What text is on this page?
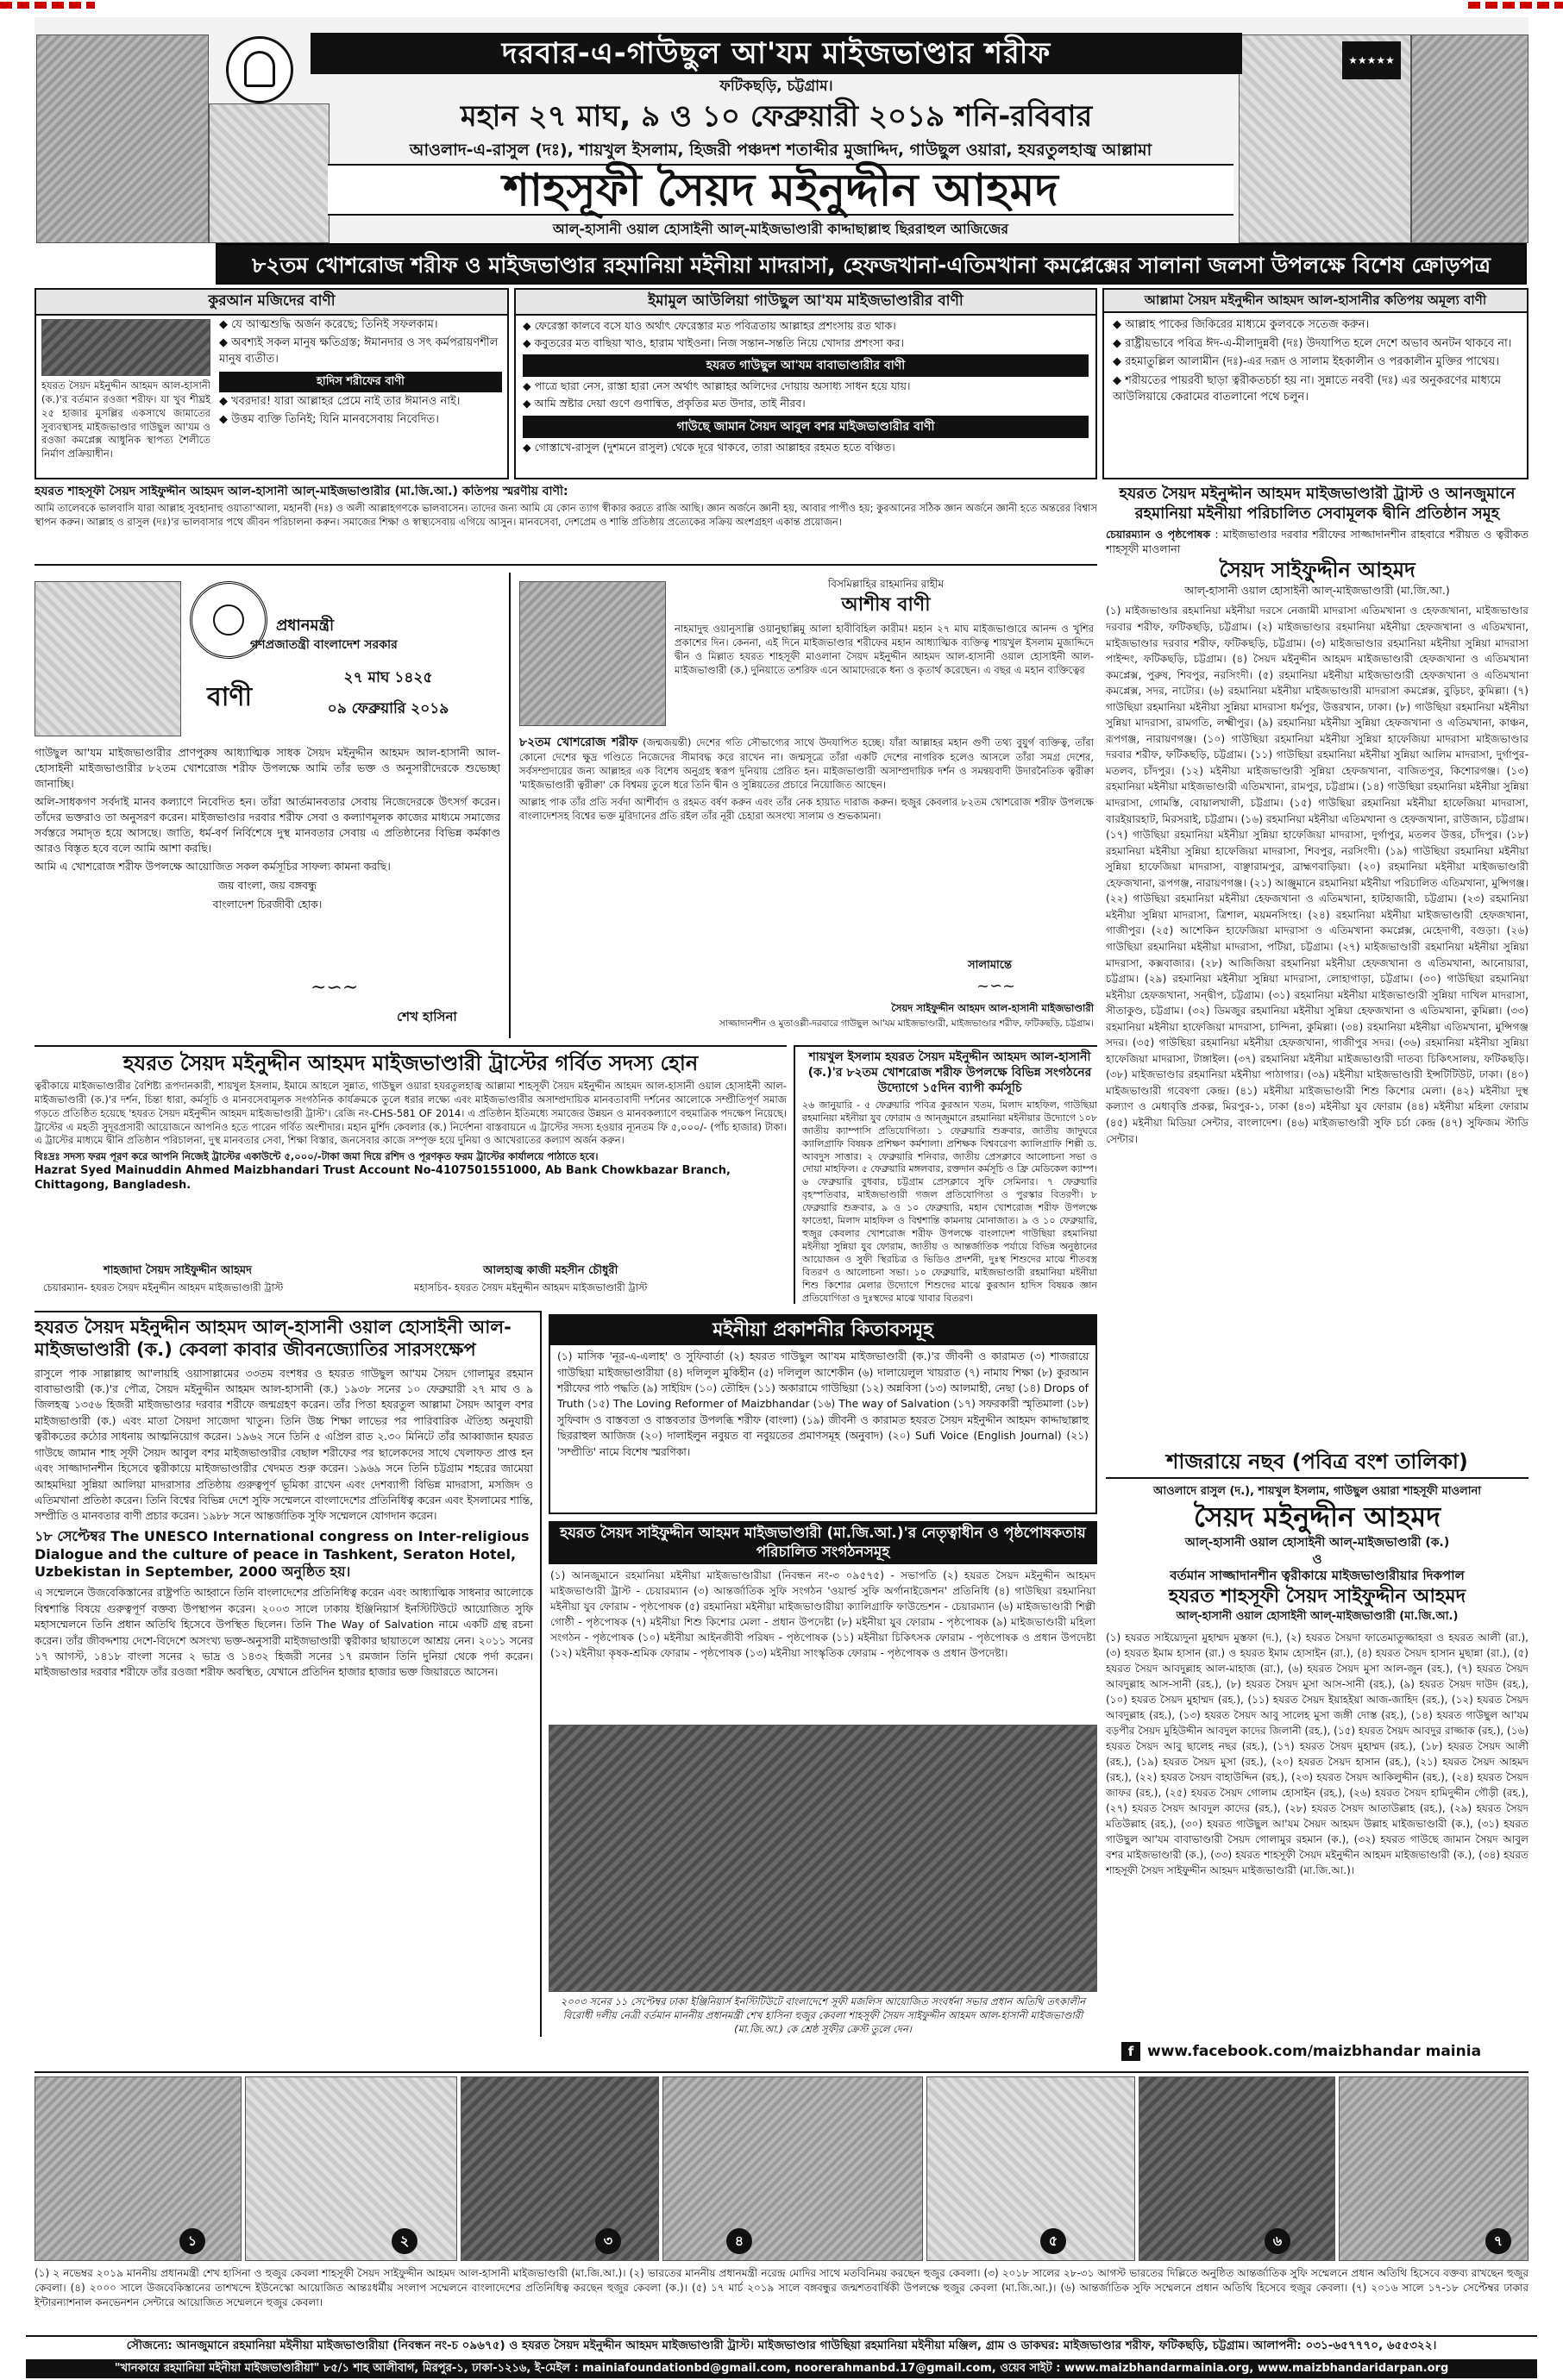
★★★★★
দরবার-এ-গাউছুল আ'যম মাইজভাণ্ডার শরীফ
ফটিকছড়ি, চট্টগ্রাম।
মহান ২৭ মাঘ, ৯ ও ১০ ফেব্রুয়ারী ২০১৯ শনি-রবিবার
আওলাদ-এ-রাসুল (দঃ), শায়খুল ইসলাম, হিজরী পঞ্চদশ শতাব্দীর মুজাদ্দিদ, গাউছুল ওয়ারা, হযরতুলহাজ্ব আল্লামা
শাহসূফী সৈয়দ মইনুদ্দীন আহমদ
আল্-হাসানী ওয়াল হোসাইনী আল্-মাইজভাণ্ডারী কাদ্দাছাল্লাহু ছিররাহুল আজিজের
৮২তম খোশরোজ শরীফ ও মাইজভাণ্ডার রহমানিয়া মইনীয়া মাদরাসা, হেফজখানা-এতিমখানা কমপ্লেক্সের সালানা জলসা উপলক্ষে বিশেষ ক্রোড়পত্র
কুরআন মজিদের বাণী
হযরত সৈয়দ মইনুদ্দীন আহমদ আল-হাসানী (ক.)'র বর্তমান রওজা শরীফ। যা খুব শীঘ্রই ২৫ হাজার মুসল্লির একসাথে জামাতের সুব্যবস্থাসহ মাইজভাণ্ডার গাউছুল আ'যম ও রওজা কমপ্লেক্স আধুনিক স্থাপত্য শৈলীতে নির্মাণ প্রক্রিয়াধীন।
◆ যে আত্মশুদ্ধি অর্জন করেছে; তিনিই সফলকাম।
◆ অবশ্যই সকল মানুষ ক্ষতিগ্রস্ত; ঈমানদার ও সৎ কর্মপরায়ণশীল মানুষ ব্যতীত।
হাদিস শরীফের বাণী
◆ খবরদার! যারা আল্লাহর প্রেমে নাই তার ঈমানও নাই।
◆ উত্তম ব্যক্তি তিনিই; যিনি মানবসেবায় নিবেদিত।
ইমামুল আউলিয়া গাউছুল আ'যম মাইজভাণ্ডারীর বাণী
◆ ফেরেস্তা কালবে বসে যাও অর্থাৎ ফেরেস্তার মত পবিত্রতায় আল্লাহর প্রশংসায় রত থাক।
◆ কবুতরের মত বাছিয়া খাও, হারাম খাইওনা। নিজ সন্তান-সন্ততি নিয়ে খোদার প্রশংসা কর।
হযরত গাউছুল আ'যম বাবাভাণ্ডারীর বাণী
◆ পাত্রে ছারা নেস, রাস্তা হারা নেস অর্থাৎ আল্লাহর অলিদের দোয়ায় অসাধ্য সাধন হয়ে যায়।
◆ আমি স্রষ্টার দেয়া গুণে গুণান্বিত, প্রকৃতির মত উদার, তাই নীরব।
গাউছে জামান সৈয়দ আবুল বশর মাইজভাণ্ডারীর বাণী
◆ গোস্তাখে-রাসুল (দুশমনে রাসুল) থেকে দূরে থাকবে, তারা আল্লাহর রহমত হতে বঞ্চিত।
আল্লামা সৈয়দ মইনুদ্দীন আহমদ আল-হাসানীর কতিপয় অমূল্য বাণী
◆ আল্লাহ পাকের জিকিরের মাধ্যমে কুলবকে সতেজ করুন।
◆ রাষ্ট্রীয়ভাবে পবিত্র ঈদ-এ-মীলাদুন্নবী (দঃ) উদযাপিত হলে দেশে অভাব অনটন থাকবে না।
◆ রহমাতুল্লিল আলামীন (দঃ)-এর দরূদ ও সালাম ইহকালীন ও পরকালীন মুক্তির পাথেয়।
◆ শরীয়তের পায়রবী ছাড়া ত্বরীকতচর্চা হয় না। সুন্নাতে নববী (দঃ) এর অনুকরণের মাধ্যমে আউলিয়ায়ে কেরামের বাতলানো পথে চলুন।
হযরত শাহসূফী সৈয়দ সাইফুদ্দীন আহমদ আল-হাসানী আল্-মাইজভাণ্ডারীর (মা.জি.আ.) কতিপয় স্মরণীয় বাণী:
আমি তালেবকে ভালবাসি যারা আল্লাহ সুবহানাহু ওয়াতা'আলা, মহানবী (দঃ) ও অলী আল্লাহগণকে ভালবাসেন। তাদের জন্য আমি যে কোন ত্যাগ স্বীকার করতে রাজি আছি। জ্ঞান অর্জনে জ্ঞানী হয়, আবার পাপীও হয়; কুরআনের সঠিক জ্ঞান অর্জনে জ্ঞানী হতে অন্তরের বিশ্বাস স্থাপন করুন। আল্লাহ ও রাসুল (দঃ)'র ভালবাসার পথে জীবন পরিচালনা করুন। সমাজের শিক্ষা ও স্বাস্থ্যসেবায় এগিয়ে আসুন। মানবসেবা, দেশপ্রেম ও শান্তি প্রতিষ্ঠায় প্রত্যেকের সক্রিয় অংশগ্রহণ একান্ত প্রয়োজন।
প্রধানমন্ত্রী
গণপ্রজাতন্ত্রী বাংলাদেশ সরকার
২৭ মাঘ ১৪২৫
০৯ ফেব্রুয়ারি ২০১৯
বাণী

গাউছুল আ'যম মাইজভাণ্ডারীর প্রাণপুরুষ আধ্যাত্মিক সাধক সৈয়দ মইনুদ্দীন আহমদ আল-হাসানী আল-হোসাইনী মাইজভাণ্ডারীর ৮২তম খোশরোজ শরীফ উপলক্ষে আমি তাঁর ভক্ত ও অনুসারীদেরকে শুভেচ্ছা জানাচ্ছি।

অলি-সাধকগণ সর্বদাই মানব কল্যাণে নিবেদিত হন। তাঁরা আর্তমানবতার সেবায় নিজেদেরকে উৎসর্গ করেন। তাঁদের ভক্তরাও তা অনুসরণ করেন। মাইজভাণ্ডার দরবার শরীফ সেবা ও কল্যাণমূলক কাজের মাধ্যমে সমাজের সর্বস্তরে সমাদৃত হয়ে আসছে। জাতি, ধর্ম-বর্ণ নির্বিশেষে দুস্থ মানবতার সেবায় এ প্রতিষ্ঠানের বিভিন্ন কর্মকাণ্ড আরও বিস্তৃত হবে বলে আমি আশা করছি।

আমি এ খোশরোজ শরীফ উপলক্ষে আয়োজিত সকল কর্মসূচির সাফল্য কামনা করছি।

জয় বাংলা, জয় বঙ্গবন্ধু

বাংলাদেশ চিরজীবী হোক।

~∽~
শেখ হাসিনা
বিসমিল্লাহির রাহমানির রাহীম
আশীষ বাণী
নাহমাদুহু ওয়ানুসাল্লি ওয়ানুছাল্লিমু আলা হাবীবিহিল কারীম! মহান ২৭ মাঘ মাইজভাণ্ডারে আনন্দ ও খুশির প্রকাশের দিন। কেননা, এই দিনে মাইজভাণ্ডার শরীফের মহান আধ্যাত্মিক ব্যক্তিত্ব শায়খুল ইসলাম মুজাদ্দিদে দ্বীন ও মিল্লাত হযরত শাহসূফী মাওলানা সৈয়দ মইনুদ্দীন আহমদ আল-হাসানী ওয়াল হোসাইনী আল-মাইজভাণ্ডারী (ক.) দুনিয়াতে তশরিফ এনে আমাদেরকে ধন্য ও কৃতার্থ করেছেন। এ বছর এ মহান ব্যক্তিত্বের
৮২তম খোশরোজ শরীফ (জন্মজয়ন্তী) দেশের গতি সৌভাগ্যের সাথে উদযাপিত হচ্ছে। যাঁরা আল্লাহর মহান গুণী তথ্য বুযুর্গ ব্যক্তিত্ব, তাঁরা কোনো দেশের ক্ষুদ্র গণ্ডিতে নিজেদের সীমাবদ্ধ করে রাখেন না। জন্মসূত্রে তাঁরা একটি দেশের নাগরিক হলেও আসলে তাঁরা সমগ্র দেশের, সর্বসম্প্রদায়ের জন্য আল্লাহর এক বিশেষ অনুগ্রহ স্বরূপ দুনিয়ায় প্রেরিত হন। মাইজভাণ্ডারী অসাম্প্রদায়িক দর্শন ও সমন্বয়বাদী উদারনৈতিক ত্বরীক্বা 'মাইজভাণ্ডারী ত্বরীক্বা' কে বিশ্বময় তুলে ধরে তিনি দ্বীন ও সুন্নিয়তের প্রচারে নিয়োজিত আছেন।

আল্লাহ পাক তাঁর প্রতি সর্বদা আশীর্বাদ ও রহমত বর্ষণ করুন এবং তাঁর নেক হায়াত দারাজ করুন। হুজুর কেবলার ৮২তম খোশরোজ শরীফ উপলক্ষে বাংলাদেশসহ বিশ্বের ভক্ত মুরিদানের প্রতি রইল তাঁর নূরী চেহারা অসংখ্য সালাম ও শুভকামনা।

সালামান্তে
~∽~
সৈয়দ সাইফুদ্দীন আহমদ আল-হাসানী মাইজভাণ্ডারী
সাজ্জাদানশীন ও মুতাওল্লী-দরবারে গাউছুল আ'যম মাইজভাণ্ডারী, মাইজভাণ্ডার শরীফ, ফটিকছড়ি, চট্টগ্রাম।
হযরত সৈয়দ মইনুদ্দীন আহমদ মাইজভাণ্ডারী ট্রাস্ট ও আনজুমানে রহমানিয়া মইনীয়া পরিচালিত সেবামূলক দ্বীনি প্রতিষ্ঠান সমূহ
চেয়ারম্যান ও পৃষ্ঠপোষক : মাইজভাণ্ডার দরবার শরীফের সাজ্জাদানশীন রাহবারে শরীয়ত ও ত্বরীকত শাহসূফী মাওলানা
সৈয়দ সাইফুদ্দীন আহমদ
আল্-হাসানী ওয়াল হোসাইনী আল্-মাইজভাণ্ডারী (মা.জি.আ.)
(১) মাইজভাণ্ডার রহমানিয়া মইনীয়া দরসে নেজামী মাদরাসা এতিমখানা ও হেফজখানা, মাইজভাণ্ডার দরবার শরীফ, ফটিকছড়ি, চট্টগ্রাম। (২) মাইজভাণ্ডার রহমানিয়া মইনীয়া হেফজখানা ও এতিমখানা, মাইজভাণ্ডার দরবার শরীফ, ফটিকছড়ি, চট্টগ্রাম। (৩) মাইজভাণ্ডার রহমানিয়া মইনীয়া সুন্নিয়া মাদরাসা পাইন্দং, ফটিকছড়ি, চট্টগ্রাম। (৪) সৈয়দ মইনুদ্দীন আহমদ মাইজভাণ্ডারী হেফজখানা ও এতিমখানা কমপ্লেক্স, পুরুষ, শিবপুর, নরসিংদী। (৫) রহমানিয়া মইনীয়া মাইজভাণ্ডারী হেফজখানা ও এতিমখানা কমপ্লেক্স, সদর, নাটোর। (৬) রহমানিয়া মইনীয়া মাইজভাণ্ডারী মাদরাসা কমপ্লেক্স, বুড়িচং, কুমিল্লা। (৭) গাউছিয়া রহমানিয়া মইনীয়া সুন্নিয়া মাদরাসা ধর্মপুর, উত্তরখান, ঢাকা। (৮) গাউছিয়া রহমানিয়া মইনীয়া সুন্নিয়া মাদরাসা, রামগতি, লক্ষ্মীপুর। (৯) রহমানিয়া মইনীয়া সুন্নিয়া হেফজখানা ও এতিমখানা, কাঞ্চন, রূপগঞ্জ, নারায়ণগঞ্জ। (১০) গাউছিয়া রহমানিয়া মইনীয়া সুন্নিয়া হাফেজিয়া মাদরাসা মাইজভাণ্ডার দরবার শরীফ, ফটিকছড়ি, চট্টগ্রাম। (১১) গাউছিয়া রহমানিয়া মইনীয়া সুন্নিয়া আলিম মাদরাসা, দুর্গাপুর-মতলব, চাঁদপুর। (১২) মইনীয়া মাইজভাণ্ডারী সুন্নিয়া হেফজখানা, বাজিতপুর, কিশোরগঞ্জ। (১৩) রহমানিয়া মইনীয়া মাইজভাণ্ডারী এতিমখানা, রামপুর, চট্টগ্রাম। (১৪) গাউছিয়া রহমানিয়া মইনীয়া সুন্নিয়া মাদরাসা, গোমস্তি, বোয়ালখালী, চট্টগ্রাম। (১৫) গাউছিয়া রহমানিয়া মইনীয়া হাফেজিয়া মাদরাসা, বারইয়ারহাট, মিরসরাই, চট্টগ্রাম। (১৬) রহমানিয়া মইনীয়া এতিমখানা ও হেফজখানা, রাউজান, চট্টগ্রাম। (১৭) গাউছিয়া রহমানিয়া মইনীয়া সুন্নিয়া হাফেজিয়া মাদরাসা, দুর্গাপুর, মতলব উত্তর, চাঁদপুর। (১৮) রহমানিয়া মইনীয়া সুন্নিয়া হাফেজিয়া মাদরাসা, শিবপুর, নরসিংদী। (১৯) গাউছিয়া রহমানিয়া মইনীয়া সুন্নিয়া হাফেজিয়া মাদরাসা, বাঞ্ছারামপুর, ব্রাহ্মণবাড়িয়া। (২০) রহমানিয়া মইনীয়া মাইজভাণ্ডারী হেফজখানা, রূপগঞ্জ, নারায়ণগঞ্জ। (২১) আঞ্জুমানে রহমানিয়া মইনীয়া পরিচালিত এতিমখানা, মুন্সিগঞ্জ। (২২) গাউছিয়া রহমানিয়া মইনীয়া হেফজখানা ও এতিমখানা, হাটহাজারী, চট্টগ্রাম। (২৩) রহমানিয়া মইনীয়া সুন্নিয়া মাদরাসা, ত্রিশাল, ময়মনসিংহ। (২৪) রহমানিয়া মইনীয়া মাইজভাণ্ডারী হেফজখানা, গাজীপুর। (২৫) আশেকিন হাফেজিয়া মাদরাসা ও এতিমখানা কমপ্লেক্স, মেহেদাগী, বগুড়া। (২৬) গাউছিয়া রহমানিয়া মইনীয়া মাদরাসা, পটিয়া, চট্টগ্রাম। (২৭) মাইজভাণ্ডারী রহমানিয়া মইনীয়া সুন্নিয়া মাদরাসা, কক্সবাজার। (২৮) আজিজিয়া রহমানিয়া মইনীয়া হেফজখানা ও এতিমখানা, আনোয়ারা, চট্টগ্রাম। (২৯) রহমানিয়া মইনীয়া সুন্নিয়া মাদরাসা, লোহাগাড়া, চট্টগ্রাম। (৩০) গাউছিয়া রহমানিয়া মইনীয়া হেফজখানা, সন্দ্বীপ, চট্টগ্রাম। (৩১) রহমানিয়া মইনীয়া মাইজভাণ্ডারী সুন্নিয়া দাখিল মাদরাসা, সীতাকুণ্ড, চট্টগ্রাম। (৩২) ডিমজুর রহমানিয়া মইনীয়া সুন্নিয়া হেফজখানা ও এতিমখানা, কুমিল্লা। (৩৩) রহমানিয়া মইনীয়া হাফেজিয়া মাদরাসা, চান্দিনা, কুমিল্লা। (৩৪) রহমানিয়া মইনীয়া এতিমখানা, মুন্সিগঞ্জ সদর। (৩৫) গাউছিয়া রহমানিয়া মইনীয়া হেফজখানা, গাজীপুর সদর। (৩৬) রহমানিয়া মইনীয়া সুন্নিয়া হাফেজিয়া মাদরাসা, টাঙ্গাইল। (৩৭) রহমানিয়া মইনীয়া মাইজভাণ্ডারী দাতব্য চিকিৎসালয়, ফটিকছড়ি। (৩৮) মাইজভাণ্ডার রহমানিয়া মইনীয়া পাঠাগার। (৩৯) মইনীয়া মাইজভাণ্ডারী ইন্সটিটিউট, ঢাকা। (৪০) মাইজভাণ্ডারী গবেষণা কেন্দ্র। (৪১) মইনীয়া মাইজভাণ্ডারী শিশু কিশোর মেলা। (৪২) মইনীয়া দুস্থ কল্যাণ ও মেধাবৃত্তি প্রকল্প, মিরপুর-১, ঢাকা (৪৩) মইনীয়া যুব ফোরাম (৪৪) মইনীয়া মহিলা ফোরাম (৪৫) মইনীয়া মিডিয়া সেন্টার, বাংলাদেশ। (৪৬) মাইজভাণ্ডারী সুফি চর্চা কেন্দ্র (৪৭) সুফিজম স্টাডি সেন্টার।
হযরত সৈয়দ মইনুদ্দীন আহমদ মাইজভাণ্ডারী ট্রাস্টের গর্বিত সদস্য হোন
ত্বরীকায়ে মাইজভাণ্ডারীর বৈশিষ্ট্য রূপদানকারী, শায়খুল ইসলাম, ইমামে আহলে সুন্নাত, গাউছুল ওয়ারা হযরতুলহাজ্ব আল্লামা শাহসূফী সৈয়দ মইনুদ্দীন আহমদ আল-হাসানী ওয়াল হোসাইনী আল-মাইজভাণ্ডারী (ক.)'র দর্শন, চিন্তা ধারা, কর্মসূচি ও মানবসেবামূলক সংগঠনিক কার্যক্রমকে তুলে ধরার লক্ষ্যে এবং মাইজভাণ্ডারীর অসাম্প্রদায়িক মানবতাবাদী দর্শনের আলোকে সম্প্রীতিপূর্ণ সমাজ গড়তে প্রতিষ্ঠিত হয়েছে 'হযরত সৈয়দ মইনুদ্দীন আহমদ মাইজভাণ্ডারী ট্রাস্ট'। রেজি নং-CHS-581 OF 2014। এ প্রতিষ্ঠান ইতিমধ্যে সমাজের উন্নয়ন ও মানবকল্যাণে বহুমাত্রিক পদক্ষেপ নিয়েছে। ট্রাস্টের এ মহতী সুদূরপ্রসারী আয়োজনে আপনিও হতে পারেন গর্বিত অংশীদার। মহান মুর্শিদ কেবলার (ক.) নির্দেশনা বাস্তবায়নে এ ট্রাস্টের সদস্য হওয়ার ন্যূনতম ফি ৫,০০০/- (পাঁচ হাজার) টাকা। এ ট্রাস্টের মাধ্যমে দ্বীনি প্রতিষ্ঠান পরিচালনা, দুস্থ মানবতার সেবা, শিক্ষা বিস্তার, জনসেবার কাজে সম্পৃক্ত হয়ে দুনিয়া ও আখেরাতের কল্যাণ অর্জন করুন।
বিঃদ্রঃ সদস্য ফরম পূরণ করে আপনি নিজেই ট্রাস্টের একাউন্টে ৫,০০০/-টাকা জমা দিয়ে রশিদ ও পূরণকৃত ফরম ট্রাস্টের কার্যালয়ে পাঠাতে হবে।
Hazrat Syed Mainuddin Ahmed Maizbhandari Trust Account No-4107501551000, Ab Bank Chowkbazar Branch, Chittagong, Bangladesh.
শাহজাদা সৈয়দ সাইফুদ্দীন আহমদ
চেয়ারম্যান- হযরত সৈয়দ মইনুদ্দীন আহমদ মাইজভাণ্ডারী ট্রাস্ট
আলহাজ্ব কাজী মহসীন চৌধুরী
মহাসচিব- হযরত সৈয়দ মইনুদ্দীন আহমদ মাইজভাণ্ডারী ট্রাস্ট
শায়খুল ইসলাম হযরত সৈয়দ মইনুদ্দীন আহমদ আল-হাসানী (ক.)'র ৮২তম খোশরোজ শরীফ উপলক্ষে বিভিন্ন সংগঠনের উদ্যোগে ১৫দিন ব্যাপী কর্মসূচি
২৬ জানুয়ারি - ৫ ফেব্রুয়ারি পবিত্র কুরআন খতম, মিলাদ মাহফিল, গাউছিয়া রহমানিয়া মইনীয়া যুব ফোরাম ও আন্জুমানে রহমানিয়া মইনীয়ার উদ্যোগে ১০৮ জাতীয় ক্যাম্পাসি প্রতিযোগিতা। ১ ফেব্রুয়ারি শুক্রবার, জাতীয় জাদুঘরে ক্যালিগ্রাফি বিষয়ক প্রশিক্ষণ কর্মশালা। প্রশিক্ষক বিশ্ববরেণ্য ক্যালিগ্রাফি শিল্পী ড. আবদুস সাত্তার। ২ ফেব্রুয়ারি শনিবার, জাতীয় প্রেসক্লাবে আলোচনা সভা ও দোয়া মাহফিল। ৫ ফেব্রুয়ারি মঙ্গলবার, রক্তদান কর্মসূচি ও ফ্রি মেডিকেল ক্যাম্প। ৬ ফেব্রুয়ারি বুধবার, চট্টগ্রাম প্রেসক্লাবে সুফি সেমিনার। ৭ ফেব্রুয়ারি বৃহস্পতিবার, মাইজভাণ্ডারী গজল প্রতিযোগিতা ও পুরস্কার বিতরণী। ৮ ফেব্রুয়ারি শুক্রবার, ৯ ও ১০ ফেব্রুয়ারি, মহান খোশরোজ শরীফ উপলক্ষে ফাতেহা, মিলাদ মাহফিল ও বিশ্বশান্তি কামনায় মোনাজাত। ৯ ও ১০ ফেব্রুয়ারি, হুজুর কেবলার খোশরোজ শরীফ উপলক্ষে বাংলাদেশ গাউছিয়া রহমানিয়া মইনীয়া সুন্নিয়া যুব ফোরাম, জাতীয় ও আন্তর্জাতিক পর্যায়ে বিভিন্ন অনুষ্ঠানের আয়োজন ও সুফী স্থিরচিত্র ও ভিডিও প্রদর্শনী, দুঃস্থ শিশুদের মাঝে শীতবস্ত্র বিতরণ ও আলোচনা সভা। ১০ ফেব্রুয়ারি, মাইজভাণ্ডারী রহমানিয়া মইনীয়া শিশু কিশোর মেলার উদ্যোগে শিশুদের মাঝে কুরআন হাদিস বিষয়ক জ্ঞান প্রতিযোগিতা ও দুঃস্থদের মাঝে খাবার বিতরণ।
হযরত সৈয়দ মইনুদ্দীন আহমদ আল্-হাসানী ওয়াল হোসাইনী আল-মাইজভাণ্ডারী (ক.) কেবলা কাবার জীবনজ্যোতির সারসংক্ষেপ
রাসুলে পাক সাল্লাল্লাহু আ'লায়হি ওয়াসাল্লামের ৩৩তম বংশধর ও হযরত গাউছুল আ'যম সৈয়দ গোলামুর রহমান বাবাভাণ্ডারী (ক.)'র পৌত্র, সৈয়দ মইনুদ্দীন আহমদ আল-হাসানী (ক.) ১৯৩৮ সনের ১০ ফেব্রুয়ারী ২৭ মাঘ ও ৯ জিলহজ্ব ১৩৫৬ হিজরী মাইজভাণ্ডার দরবার শরীফে জন্মগ্রহণ করেন। তাঁর পিতা হযরতুল আল্লামা সৈয়দ আবুল বশর মাইজভাণ্ডারী (ক.) এবং মাতা সৈয়দা সাজেদা খাতুন। তিনি উচ্চ শিক্ষা লাভের পর পারিবারিক ঐতিহ্য অনুযায়ী ত্বরীকতের কঠোর সাধনায় আত্মনিয়োগ করেন। ১৯৬২ সনে তিনি ৫ এপ্রিল রাত ২.৩০ মিনিটে তাঁর আব্বাজান হযরত গাউছে জামান শাহ সূফী সৈয়দ আবুল বশর মাইজভাণ্ডারীর বেছাল শরীফের পর ছালেকদের সাথে খেলাফত প্রাপ্ত হন এবং সাজ্জাদানশীন হিসেবে ত্বরীকায়ে মাইজভাণ্ডারীর খেদমত শুরু করেন। ১৯৬৯ সনে তিনি চট্টগ্রাম শহরের জামেয়া আহমদিয়া সুন্নিয়া আলিয়া মাদরাসার প্রতিষ্ঠায় গুরুত্বপূর্ণ ভূমিকা রাখেন এবং দেশব্যাপী বিভিন্ন মাদরাসা, মসজিদ ও এতিমখানা প্রতিষ্ঠা করেন। তিনি বিশ্বের বিভিন্ন দেশে সুফি সম্মেলনে বাংলাদেশের প্রতিনিধিত্ব করেন এবং ইসলামের শান্তি, সম্প্রীতি ও মানবতার বাণী প্রচার করেন। ১৯৮৮ সনে আন্তর্জাতিক সুফি সম্মেলনে যোগদান করেন।
১৮ সেপ্টেম্বর The UNESCO International congress on Inter-religious Dialogue and the culture of peace in Tashkent, Seraton Hotel, Uzbekistan in September, 2000 অনুষ্ঠিত হয়।
এ সম্মেলনে উজবেকিস্তানের রাষ্ট্রপতি আহ্বানে তিনি বাংলাদেশের প্রতিনিধিত্ব করেন এবং আধ্যাত্মিক সাধনার আলোকে বিশ্বশান্তি বিষয়ে গুরুত্বপূর্ণ বক্তব্য উপস্থাপন করেন। ২০০৩ সালে ঢাকায় ইঞ্জিনিয়ার্স ইনস্টিটিউটে আয়োজিত সুফি মহাসম্মেলনে তিনি প্রধান অতিথি হিসেবে উপস্থিত ছিলেন। তিনি The Way of Salvation নামে একটি গ্রন্থ রচনা করেন। তাঁর জীবদ্দশায় দেশে-বিদেশে অসংখ্য ভক্ত-অনুসারী মাইজভাণ্ডারী ত্বরীকার ছায়াতলে আশ্রয় নেন। ২০১১ সনের ১৭ আগস্ট, ১৪১৮ বাংলা সনের ২ ভাদ্র ও ১৪৩২ হিজরী সনের ১৭ রমজান তিনি দুনিয়া থেকে পর্দা করেন। মাইজভাণ্ডার দরবার শরীফে তাঁর রওজা শরীফ অবস্থিত, যেখানে প্রতিদিন হাজার হাজার ভক্ত জিয়ারতে আসেন।
মইনীয়া প্রকাশনীর কিতাবসমূহ
(১) মাসিক 'নূর-এ-এলাহ' ও সুফিবার্তা (২) হযরত গাউছুল আ'যম মাইজভাণ্ডারী (ক.)'র জীবনী ও কারামত (৩) শাজরায়ে গাউছিয়া মাইজভাণ্ডারীয়া (৪) দলিলুল মুকিহীন (৫) দলিলুল আশেকীন (৬) দালায়েলুল খায়রাত (৭) নামায শিক্ষা (৮) কুরআন শরীফের পাঠ পদ্ধতি (৯) সাইয়িদ (১০) তৌহিদ (১১) অকারামে গাউছিয়া (১২) অন্নবিসা (১৩) আলমাহী, নেছা (১৪) Drops of Truth (১৫) The Loving Reformer of Maizbhandar (১৬) The way of Salvation (১৭) সফরকারী স্মৃতিমালা (১৮) সুফিবাদ ও বাস্তবতা ও বাস্তবতার উপলব্ধি শরীফ (বাংলা) (১৯) জীবনী ও কারামত হযরত সৈয়দ মইনুদ্দীন আহমদ কাদ্দাছাল্লাহু ছিররাহুল আজিজ (২০) দালাইলুন নবুয়ত বা নবুয়তের প্রমাণসমূহ (অনুবাদ) (২০) Sufi Voice (English Journal) (২১) 'সম্প্রীতি' নামে বিশেষ স্মরণিকা।
হযরত সৈয়দ সাইফুদ্দীন আহমদ মাইজভাণ্ডারী (মা.জি.আ.)'র নেতৃত্বাধীন ও পৃষ্ঠপোষকতায় পরিচালিত সংগঠনসমূহ
(১) আনজুমানে রহমানিয়া মইনীয়া মাইজভাণ্ডারীয়া (নিবন্ধন নং-৩ ০৯৫৭৫) - সভাপতি (২) হযরত সৈয়দ মইনুদ্দীন আহমদ মাইজভাণ্ডারী ট্রাস্ট - চেয়ারম্যান (৩) আন্তর্জাতিক সুফি সংগঠন 'ওয়ার্ল্ড সুফি অর্গানাইজেশন' প্রতিনিধি (৪) গাউছিয়া রহমানিয়া মইনীয়া যুব ফোরাম - পৃষ্ঠপোষক (৫) রহমানিয়া মইনীয়া মাইজভাণ্ডারীয়া ক্যালিগ্রাফি ফাউন্ডেশন - চেয়ারম্যান (৬) মাইজভাণ্ডারী শিল্পী গোষ্ঠী - পৃষ্ঠপোষক (৭) মইনীয়া শিশু কিশোর মেলা - প্রধান উপদেষ্টা (৮) মইনীয়া যুব ফোরাম - পৃষ্ঠপোষক (৯) মাইজভাণ্ডারী মহিলা সংগঠন - পৃষ্ঠপোষক (১০) মইনীয়া আইনজীবী পরিষদ - পৃষ্ঠপোষক (১১) মইনীয়া চিকিৎসক ফোরাম - পৃষ্ঠপোষক ও প্রধান উপদেষ্টা (১২) মইনীয়া কৃষক-শ্রমিক ফোরাম - পৃষ্ঠপোষক (১৩) মইনীয়া সাংস্কৃতিক ফোরাম - পৃষ্ঠপোষক ও প্রধান উপদেষ্টা।
২০০৩ সনের ১১ সেপ্টেম্বর ঢাকা ইঞ্জিনিয়ার্স ইনস্টিটিউটে বাংলাদেশে সূফী মজলিস আয়োজিত সংবর্ধনা সভার প্রধান অতিথি তৎকালীন বিরোধী দলীয় নেত্রী বর্তমান মাননীয় প্রধানমন্ত্রী শেখ হাসিনা হুজুর কেবলা শাহসূফী সৈয়দ সাইফুদ্দীন আহমদ আল-হাসানী মাইজভাণ্ডারী (মা.জি.আ.) কে শ্রেষ্ঠ সূফীর ক্রেস্ট তুলে দেন।
শাজরায়ে নছব (পবিত্র বংশ তালিকা)
আওলাদে রাসুল (দ.), শায়খুল ইসলাম, গাউছুল ওয়ারা শাহসূফী মাওলানা
সৈয়দ মইনুদ্দীন আহমদ
আল্-হাসানী ওয়াল হোসাইনী আল্-মাইজভাণ্ডারী (ক.)
ও
বর্তমান সাজ্জাদানশীন ত্বরীকায়ে মাইজভাণ্ডারীয়ার দিকপাল
হযরত শাহসূফী সৈয়দ সাইফুদ্দীন আহমদ
আল্-হাসানী ওয়াল হোসাইনী আল্-মাইজভাণ্ডারী (মা.জি.আ.)
(১) হযরত সাইয়্যেদুনা মুহাম্মদ মুস্তফা (দ.), (২) হযরত সৈয়দা ফাতেমাতুজ্জাহরা ও হযরত আলী (রা.), (৩) হযরত ইমাম হাসান (রা.) ও হযরত ইমাম হোসাইন (রা.), (৪) হযরত সৈয়দ হাসান মুছান্না (রা.), (৫) হযরত সৈয়দ আবদুল্লাহ আল-মাহাজ (রা.), (৬) হযরত সৈয়দ মুসা আল-জুন (রহ.), (৭) হযরত সৈয়দ আবদুল্লাহ আস-সানী (রহ.), (৮) হযরত সৈয়দ মুসা আস-সানী (রহ.), (৯) হযরত সৈয়দ দাউদ (রহ.), (১০) হযরত সৈয়দ মুহাম্মদ (রহ.), (১১) হযরত সৈয়দ ইয়াহইয়া আজ-জাহিদ (রহ.), (১২) হযরত সৈয়দ আবদুল্লাহ (রহ.), (১৩) হযরত সৈয়দ আবু সালেহ মুসা জঙ্গী দোস্ত (রহ.), (১৪) হযরত গাউছুল আ'যম বড়পীর সৈয়দ মুহিউদ্দীন আবদুল কাদের জিলানী (রহ.), (১৫) হযরত সৈয়দ আবদুর রাজ্জাক (রহ.), (১৬) হযরত সৈয়দ আবু ছালেহ নছর (রহ.), (১৭) হযরত সৈয়দ মুহাম্মদ (রহ.), (১৮) হযরত সৈয়দ আলী (রহ.), (১৯) হযরত সৈয়দ মুসা (রহ.), (২০) হযরত সৈয়দ হাসান (রহ.), (২১) হযরত সৈয়দ আহমদ (রহ.), (২২) হযরত সৈয়দ বাহাউদ্দিন (রহ.), (২৩) হযরত সৈয়দ আকিলুদ্দীন (রহ.), (২৪) হযরত সৈয়দ জাফর (রহ.), (২৫) হযরত সৈয়দ গোলাম হোসাইন (রহ.), (২৬) হযরত সৈয়দ হামিদুদ্দীন গৌড়ী (রহ.), (২৭) হযরত সৈয়দ আবদুল কাদের (রহ.), (২৮) হযরত সৈয়দ আতাউল্লাহ (রহ.), (২৯) হযরত সৈয়দ মতিউল্লাহ (রহ.), (৩০) হযরত গাউছুল আ'যম সৈয়দ আহমদ উল্লাহ মাইজভাণ্ডারী (ক.), (৩১) হযরত গাউছুল আ'যম বাবাভাণ্ডারী সৈয়দ গোলামুর রহমান (ক.), (৩২) হযরত গাউছে জামান সৈয়দ আবুল বশর মাইজভাণ্ডারী (ক.), (৩৩) হযরত শাহসূফী সৈয়দ মইনুদ্দীন আহমদ মাইজভাণ্ডারী (ক.), (৩৪) হযরত শাহসূফী সৈয়দ সাইফুদ্দীন আহমদ মাইজভাণ্ডারী (মা.জি.আ.)।
f www.facebook.com/maizbhandar mainia
১	২	৩	৪	৫	৬	৭
(১) ২ নভেম্বর ২০১৯ মাননীয় প্রধানমন্ত্রী শেখ হাসিনা ও হুজুর কেবলা শাহসূফী সৈয়দ সাইফুদ্দীন আহমদ আল-হাসানী মাইজভাণ্ডারী (মা.জি.আ.)। (২) ভারতের মাননীয় প্রধানমন্ত্রী নরেন্দ্র মোদির সাথে মতবিনিময় করছেন হুজুর কেবলা। (৩) ২০১৮ সালের ২৮-৩১ আগস্ট ভারতের দিল্লিতে অনুষ্ঠিত আন্তর্জাতিক সুফি সম্মেলনে প্রধান অতিথি হিসেবে বক্তব্য রাখছেন হুজুর কেবলা। (৪) ২০০০ সালে উজবেকিস্তানের তাশখন্দে ইউনেস্কো আয়োজিত আন্তঃধর্মীয় সংলাপ সম্মেলনে বাংলাদেশের প্রতিনিধিত্ব করছেন হুজুর কেবলা (ক.)। (৫) ১৭ মার্চ ২০১৯ সালে বঙ্গবন্ধুর জন্মশতবার্ষিকী উপলক্ষে হুজুর কেবলা (মা.জি.আ.)। (৬) আন্তর্জাতিক সুফি সম্মেলনে প্রধান অতিথি হিসেবে হুজুর কেবলা। (৭) ২০১৬ সালে ১৭-১৮ সেপ্টেম্বর ঢাকার ইন্টারন্যাশনাল কনভেনশন সেন্টারে আয়োজিত সম্মেলনে হুজুর কেবলা।
সৌজন্যে: আনজুমানে রহমানিয়া মইনীয়া মাইজভাণ্ডারীয়া (নিবন্ধন নং-চ ০৯৬৭৫) ও হযরত সৈয়দ মইনুদ্দীন আহমদ মাইজভাণ্ডারী ট্রাস্ট। মাইজভাণ্ডার গাউছিয়া রহমানিয়া মইনীয়া মঞ্জিল, গ্রাম ও ডাকঘর: মাইজভাণ্ডার শরীফ, ফটিকছড়ি, চট্টগ্রাম। আলাপনী: ০৩১-৬৫৭৭৭০, ৬৫৫৩২২।
"খানকায়ে রহমানিয়া মইনীয়া মাইজভাণ্ডারীয়া" ৮৫/১ শাহ আলীবাগ, মিরপুর-১, ঢাকা-১২১৬, ই-মেইল : mainiafoundationbd@gmail.com, noorerahmanbd.17@gmail.com, ওয়েব সাইট : www.maizbhandarmainia.org, www.maizbhandaridarpan.org
